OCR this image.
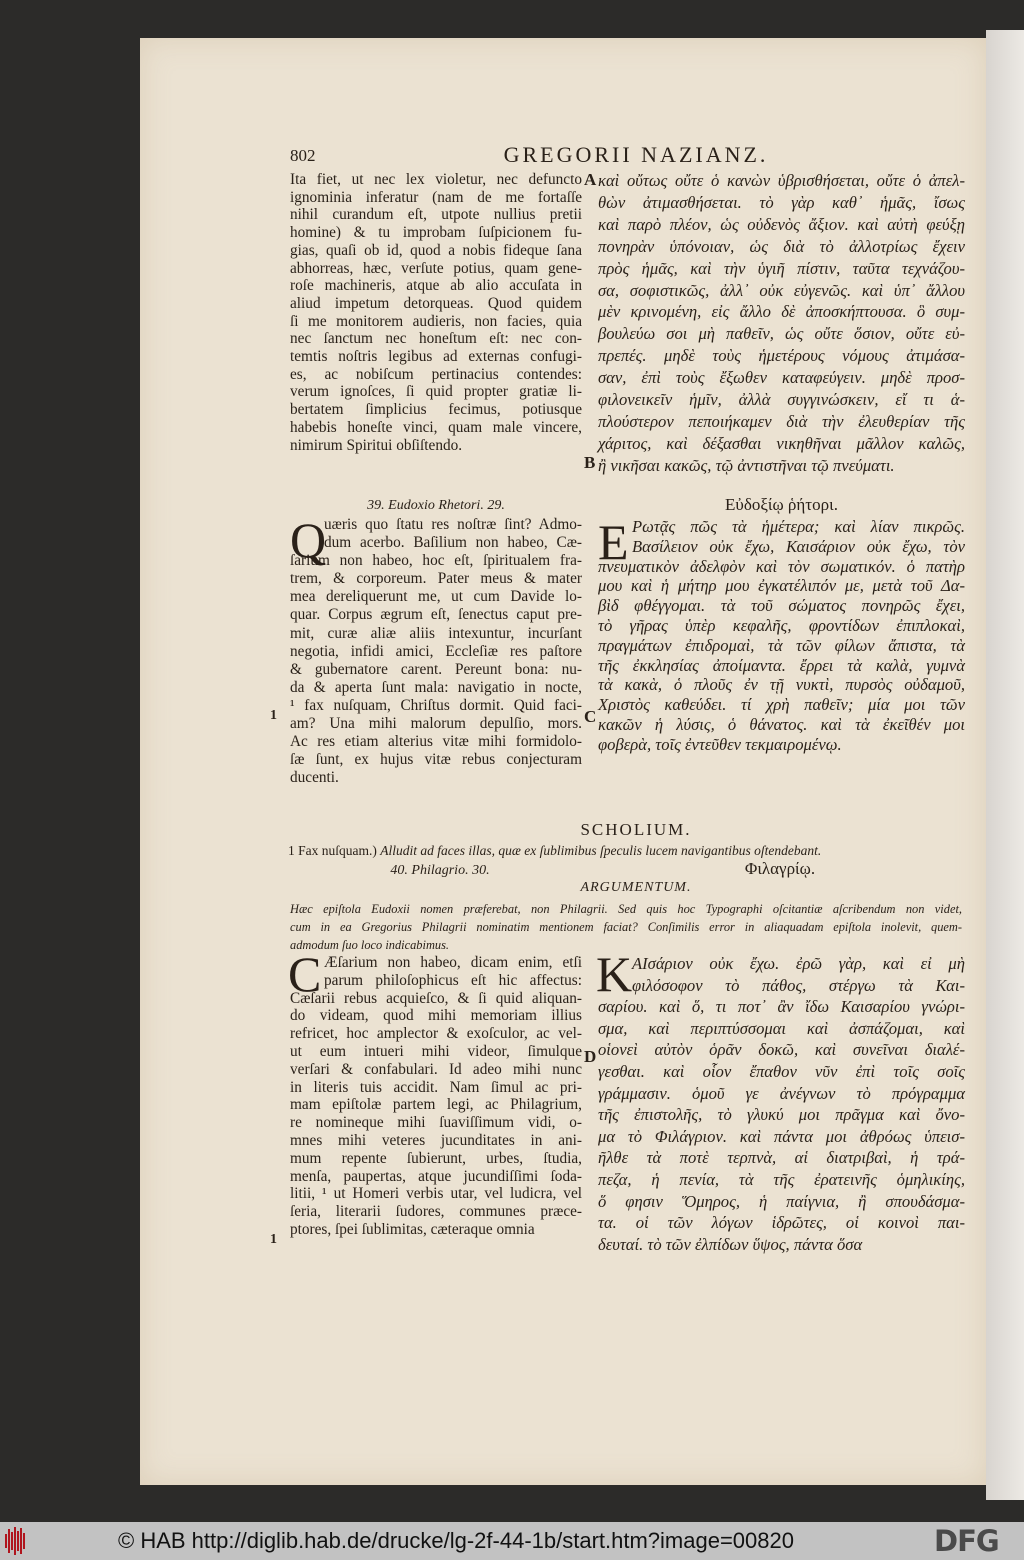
802	GREGORII NAZIANZ.
Ita fiet, ut nec lex violetur, nec defuncto
ignominia inferatur (nam de me fortaſſe
nihil curandum eſt, utpote nullius pretii
homine) & tu improbam ſuſpicionem fu-
gias, quaſi ob id, quod a nobis fideque ſana
abhorreas, hæc, verſute potius, quam gene-
roſe machineris, atque ab alio accuſata in
aliud impetum detorqueas. Quod quidem
ſi me monitorem audieris, non facies, quia
nec ſanctum nec honeſtum eſt: nec con-
temtis noſtris legibus ad externas confugi-
es, ac nobiſcum pertinacius contendes:
verum ignoſces, ſi quid propter gratiæ li-
bertatem ſimplicius fecimus, potiusque
habebis honeſte vinci, quam male vincere,
nimirum Spiritui obſiſtendo.
καὶ οὔτως οὔτε ὁ κανὼν ὑβρισθήσεται, οὔτε ὁ ἀπελ-
θὼν ἀτιμασθήσεται. τὸ γὰρ καθ᾽ ἡμᾶς, ἴσως
καὶ παρὸ πλέον, ὡς οὐδενὸς ἄξιον. καὶ αὐτὴ φεύξῃ
πονηρὰν ὑπόνοιαν, ὡς διὰ τὸ ἀλλοτρίως ἔχειν
πρὸς ἡμᾶς, καὶ τὴν ὑγιῆ πίστιν, ταῦτα τεχνάζου-
σα, σοφιστικῶς, ἀλλ᾽ οὐκ εὐγενῶς. καὶ ὑπ᾽ ἄλλου
μὲν κρινομένη, εἰς ἄλλο δὲ ἀποσκήπτουσα. ὃ συμ-
βουλεύω σοι μὴ παθεῖν, ὡς οὔτε ὅσιον, οὔτε εὐ-
πρεπές. μηδὲ τοὺς ἡμετέρους νόμους ἀτιμάσα-
σαν, ἐπὶ τοὺς ἔξωθεν καταφεύγειν. μηδὲ προσ-
φιλονεικεῖν ἡμῖν, ἀλλὰ συγγινώσκειν, εἴ τι ἁ-
πλούστερον πεποιήκαμεν διὰ τὴν ἐλευθερίαν τῆς
χάριτος, καὶ δέξασθαι νικηθῆναι μᾶλλον καλῶς,
ἢ νικῆσαι κακῶς, τῷ ἀντιστῆναι τῷ πνεύματι.
A
B
39. Eudoxio Rhetori. 29.	Εὐδοξίῳ ῥήτορι.
Q
uæris quo ſtatu res noſtræ ſint? Admo-
dum acerbo. Baſilium non habeo, Cæ-
ſarium non habeo, hoc eſt, ſpiritualem fra-
trem, & corporeum. Pater meus & mater
mea dereliquerunt me, ut cum Davide lo-
quar. Corpus ægrum eſt, ſenectus caput pre-
mit, curæ aliæ aliis intexuntur, incurſant
negotia, infidi amici, Eccleſiæ res paſtore
& gubernatore carent. Pereunt bona: nu-
da & aperta ſunt mala: navigatio in nocte,
¹ fax nuſquam, Chriſtus dormit. Quid faci-
am? Una mihi malorum depulſio, mors.
Ac res etiam alterius vitæ mihi formidolo-
ſæ ſunt, ex hujus vitæ rebus conjecturam
ducenti.
E Ρωτᾷς πῶς τὰ ἡμέτερα; καὶ λίαν πικρῶς.
Βασίλειον οὐκ ἔχω, Καισάριον οὐκ ἔχω, τὸν
πνευματικὸν ἀδελφὸν καὶ τὸν σωματικόν. ὁ πατὴρ
μου καὶ ἡ μήτηρ μου ἐγκατέλιπόν με, μετὰ τοῦ Δα-
βὶδ φθέγγομαι. τὰ τοῦ σώματος πονηρῶς ἔχει,
τὸ γῆρας ὑπὲρ κεφαλῆς, φροντίδων ἐπιπλοκαὶ,
πραγμάτων ἐπιδρομαὶ, τὰ τῶν φίλων ἄπιστα, τὰ
τῆς ἐκκλησίας ἀποίμαντα. ἔρρει τὰ καλὰ, γυμνὰ
τὰ κακὰ, ὁ πλοῦς ἐν τῇ νυκτὶ, πυρσὸς οὐδαμοῦ,
Χριστὸς καθεύδει. τί χρὴ παθεῖν; μία μοι τῶν
κακῶν ἡ λύσις, ὁ θάνατος. καὶ τὰ ἐκεῖθέν μοι
φοβερὰ, τοῖς ἐντεῦθεν τεκμαιρομένῳ.
1	C
SCHOLIUM.
1 Fax nuſquam.) Alludit ad faces illas, quæ ex ſublimibus ſpeculis lucem navigantibus oſtendebant.
40. Philagrio. 30.	Φιλαγρίῳ.
ARGUMENTUM.
Hæc epiſtola Eudoxii nomen præferebat, non Philagrii. Sed quis hoc Typographi oſcitantiæ aſcribendum non videt,
cum in ea Gregorius Philagrii nominatim mentionem faciat? Conſimilis error in aliaquadam epiſtola inolevit, quem-
admodum ſuo loco indicabimus.
C Æſarium non habeo, dicam enim, etſi
parum philoſophicus eſt hic affectus:
Cæſarii rebus acquieſco, & ſi quid aliquan-
do videam, quod mihi memoriam illius
refricet, hoc amplector & exoſculor, ac vel-
ut eum intueri mihi videor, ſimulque
verſari & confabulari. Id adeo mihi nunc
in literis tuis accidit. Nam ſimul ac pri-
mam epiſtolæ partem legi, ac Philagrium,
re nomineque mihi ſuaviſſimum vidi, o-
mnes mihi veteres jucunditates in ani-
mum repente ſubierunt, urbes, ſtudia,
menſa, paupertas, atque jucundiſſimi ſoda-
litii, ¹ ut Homeri verbis utar, vel ludicra, vel
ſeria, literarii ſudores, communes præce-
ptores, ſpei ſublimitas, cæteraque omnia
K ΑΙσάριον οὐκ ἔχω. ἐρῶ γὰρ, καὶ εἰ μὴ
φιλόσοφον τὸ πάθος, στέργω τὰ Και-
σαρίου. καὶ ὅ, τι ποτ᾽ ἂν ἴδω Καισαρίου γνώρι-
σμα, καὶ περιπτύσσομαι καὶ ἀσπάζομαι, καὶ
οἱονεὶ αὐτὸν ὁρᾶν δοκῶ, καὶ συνεῖναι διαλέ-
γεσθαι. καὶ οἷον ἔπαθον νῦν ἐπὶ τοῖς σοῖς
γράμμασιν. ὁμοῦ γε ἀνέγνων τὸ πρόγραμμα
τῆς ἐπιστολῆς, τὸ γλυκύ μοι πρᾶγμα καὶ ὄνο-
μα τὸ Φιλάγριον. καὶ πάντα μοι ἀθρόως ὑπεισ-
ῆλθε τὰ ποτὲ τερπνὰ, αἱ διατριβαὶ, ἡ τρά-
πεζα, ἡ πενία, τὰ τῆς ἐρατεινῆς ὁμηλικίης,
ὅ φησιν Ὅμηρος, ἡ παίγνια, ἢ σπουδάσμα-
τα. οἱ τῶν λόγων ἱδρῶτες, οἱ κοινοὶ παι-
δευταί. τὸ τῶν ἐλπίδων ὕψος, πάντα ὅσα
1
D
© HAB http://diglib.hab.de/drucke/lg-2f-44-1b/start.htm?image=00820	DFG
